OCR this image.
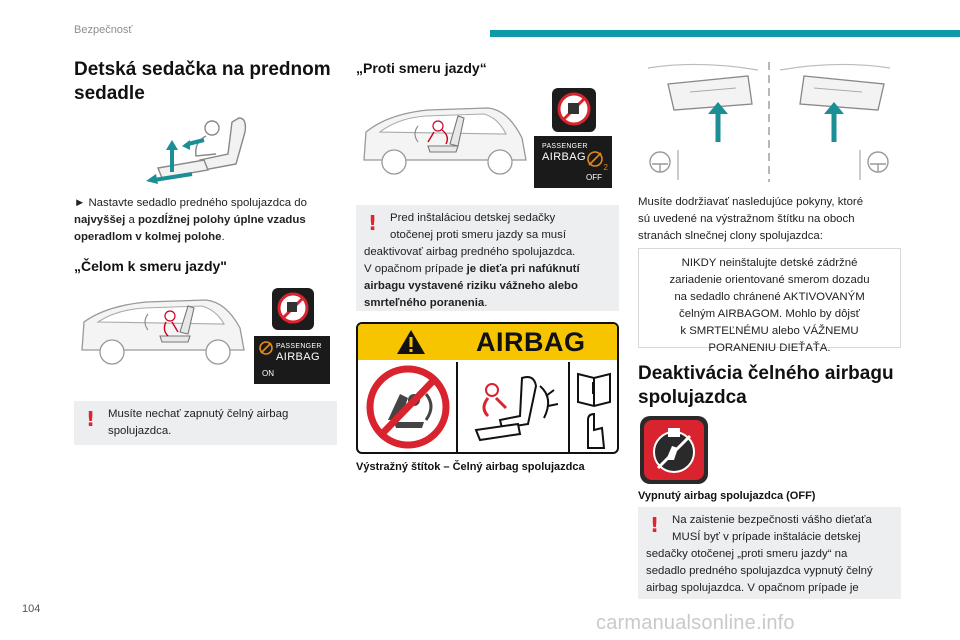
Bezpečnosť
Detská sedačka na prednom sedadle
► Nastavte sedadlo predného spolujazdca do najvyššej a pozdĺžnej polohy úplne vzadus operadlom v kolmej polohe.
„Čelom k smeru jazdy"
PASSENGER
AIRBAG
ON
! Musíte nechať zapnutý čelný airbag spolujazdca.
„Proti smeru jazdy“
PASSENGER
AIRBAG
2
OFF
! Pred inštaláciou detskej sedačky
otočenej proti smeru jazdy sa musí
deaktivovať airbag predného spolujazdca.
V opačnom prípade je dieťa pri nafúknutí
airbagu vystavené riziku vážneho alebo
smrteľného poranenia.
AIRBAG
Výstražný štítok – Čelný airbag spolujazdca
Musíte dodržiavať nasledujúce pokyny, ktoré
sú uvedené na výstražnom štítku na oboch
stranách slnečnej clony spolujazdca:
NIKDY neinštalujte detské zádržné
zariadenie orientované smerom dozadu
na sedadlo chránené AKTIVOVANÝM
čelným AIRBAGOM. Mohlo by dôjsť
k SMRTEĽNÉMU alebo VÁŽNEMU
PORANENIU DIEŤAŤA.
Deaktivácia čelného airbagu spolujazdca
Vypnutý airbag spolujazdca (OFF)
! Na zaistenie bezpečnosti vášho dieťaťa
MUSÍ byť v prípade inštalácie detskej
sedačky otočenej „proti smeru jazdy“ na
sedadlo predného spolujazdca vypnutý čelný
airbag spolujazdca. V opačnom prípade je
104
carmanualsonline.info
